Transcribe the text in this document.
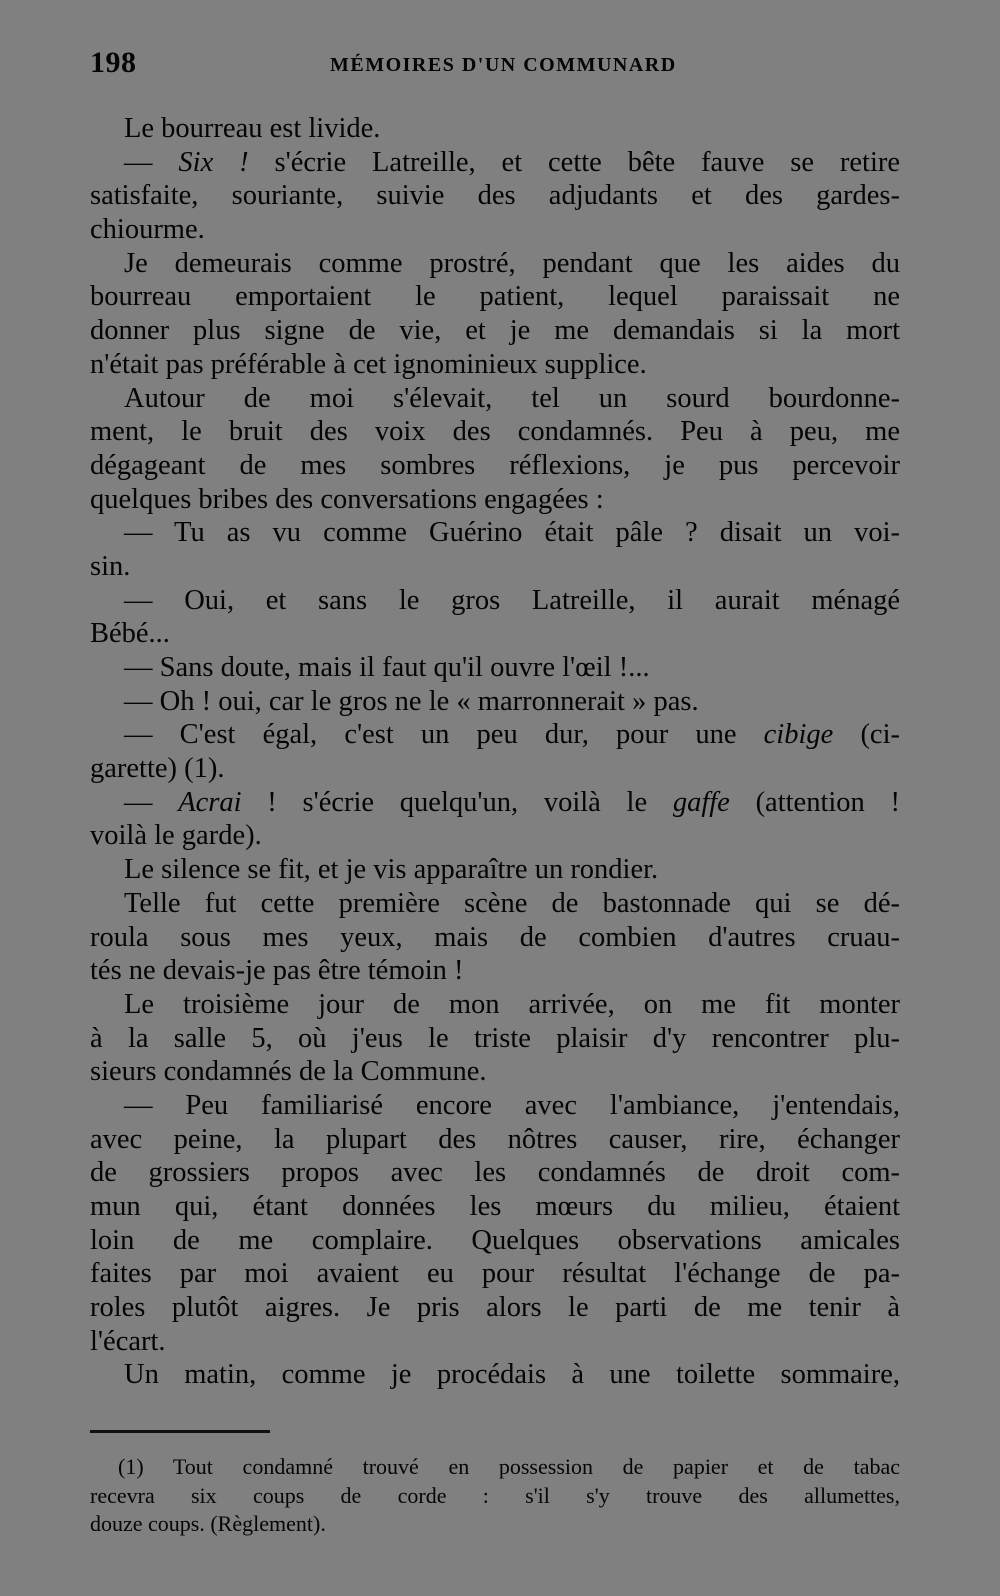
198	MÉMOIRES D'UN COMMUNARD
Le bourreau est livide.
— Six ! s'écrie Latreille, et cette bête fauve se retire
satisfaite, souriante, suivie des adjudants et des gardes-
chiourme.
Je demeurais comme prostré, pendant que les aides du
bourreau emportaient le patient, lequel paraissait ne
donner plus signe de vie, et je me demandais si la mort
n'était pas préférable à cet ignominieux supplice.
Autour de moi s'élevait, tel un sourd bourdonne-
ment, le bruit des voix des condamnés. Peu à peu, me
dégageant de mes sombres réflexions, je pus percevoir
quelques bribes des conversations engagées :
— Tu as vu comme Guérino était pâle ? disait un voi-
sin.
— Oui, et sans le gros Latreille, il aurait ménagé
Bébé...
— Sans doute, mais il faut qu'il ouvre l'œil !...
— Oh ! oui, car le gros ne le « marronnerait » pas.
— C'est égal, c'est un peu dur, pour une cibige (ci-
garette) (1).
— Acrai ! s'écrie quelqu'un, voilà le gaffe (attention !
voilà le garde).
Le silence se fit, et je vis apparaître un rondier.
Telle fut cette première scène de bastonnade qui se dé-
roula sous mes yeux, mais de combien d'autres cruau-
tés ne devais-je pas être témoin !
Le troisième jour de mon arrivée, on me fit monter
à la salle 5, où j'eus le triste plaisir d'y rencontrer plu-
sieurs condamnés de la Commune.
— Peu familiarisé encore avec l'ambiance, j'entendais,
avec peine, la plupart des nôtres causer, rire, échanger
de grossiers propos avec les condamnés de droit com-
mun qui, étant données les mœurs du milieu, étaient
loin de me complaire. Quelques observations amicales
faites par moi avaient eu pour résultat l'échange de pa-
roles plutôt aigres. Je pris alors le parti de me tenir à
l'écart.
Un matin, comme je procédais à une toilette sommaire,
(1) Tout condamné trouvé en possession de papier et de tabac
recevra six coups de corde : s'il s'y trouve des allumettes,
douze coups. (Règlement).
